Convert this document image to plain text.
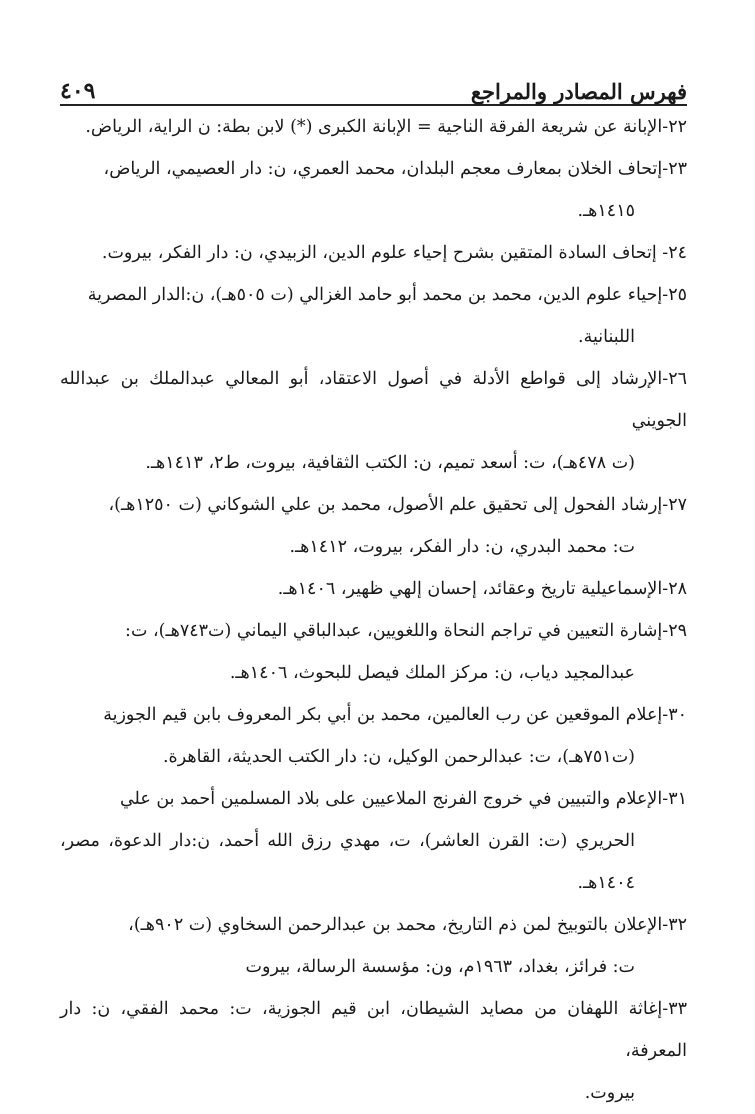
فهرس المصادر والمراجع
٤٠٩
٢٢-الإبانة عن شريعة الفرقة الناجية = الإبانة الكبرى (*) لابن بطة: ن الراية، الرياض.
٢٣-إتحاف الخلان بمعارف معجم البلدان، محمد العمري، ن: دار العصيمي، الرياض،
١٤١٥هـ.
٢٤- إتحاف السادة المتقين بشرح إحياء علوم الدين، الزبيدي، ن: دار الفكر، بيروت.
٢٥-إحياء علوم الدين، محمد بن محمد أبو حامد الغزالي (ت ٥٠٥هـ)، ن:الدار المصرية
اللبنانية.
٢٦-الإرشاد إلى قواطع الأدلة في أصول الاعتقاد، أبو المعالي عبدالملك بن عبدالله الجويني
(ت ٤٧٨هـ)، ت: أسعد تميم، ن: الكتب الثقافية، بيروت، ط٢، ١٤١٣هـ.
٢٧-إرشاد الفحول إلى تحقيق علم الأصول، محمد بن علي الشوكاني (ت ١٢٥٠هـ)،
ت: محمد البدري، ن: دار الفكر، بيروت، ١٤١٢هـ.
٢٨-الإسماعيلية تاريخ وعقائد، إحسان إلهي ظهير، ١٤٠٦هـ.
٢٩-إشارة التعيين في تراجم النحاة واللغويين، عبدالباقي اليماني (ت٧٤٣هـ)، ت:
عبدالمجيد دياب، ن: مركز الملك فيصل للبحوث، ١٤٠٦هـ.
٣٠-إعلام الموقعين عن رب العالمين، محمد بن أبي بكر المعروف بابن قيم الجوزية
(ت٧٥١هـ)، ت: عبدالرحمن الوكيل، ن: دار الكتب الحديثة، القاهرة.
٣١-الإعلام والتبيين في خروج الفرنج الملاعيين على بلاد المسلمين أحمد بن علي
الحريري (ت: القرن العاشر)، ت، مهدي رزق الله أحمد، ن:دار الدعوة، مصر، ١٤٠٤هـ.
٣٢-الإعلان بالتوبيخ لمن ذم التاريخ، محمد بن عبدالرحمن السخاوي (ت ٩٠٢هـ)،
ت: فرائز، بغداد، ١٩٦٣م، ون: مؤسسة الرسالة، بيروت
٣٣-إغاثة اللهفان من مصايد الشيطان، ابن قيم الجوزية، ت: محمد الفقي، ن: دار المعرفة،
بيروت.
